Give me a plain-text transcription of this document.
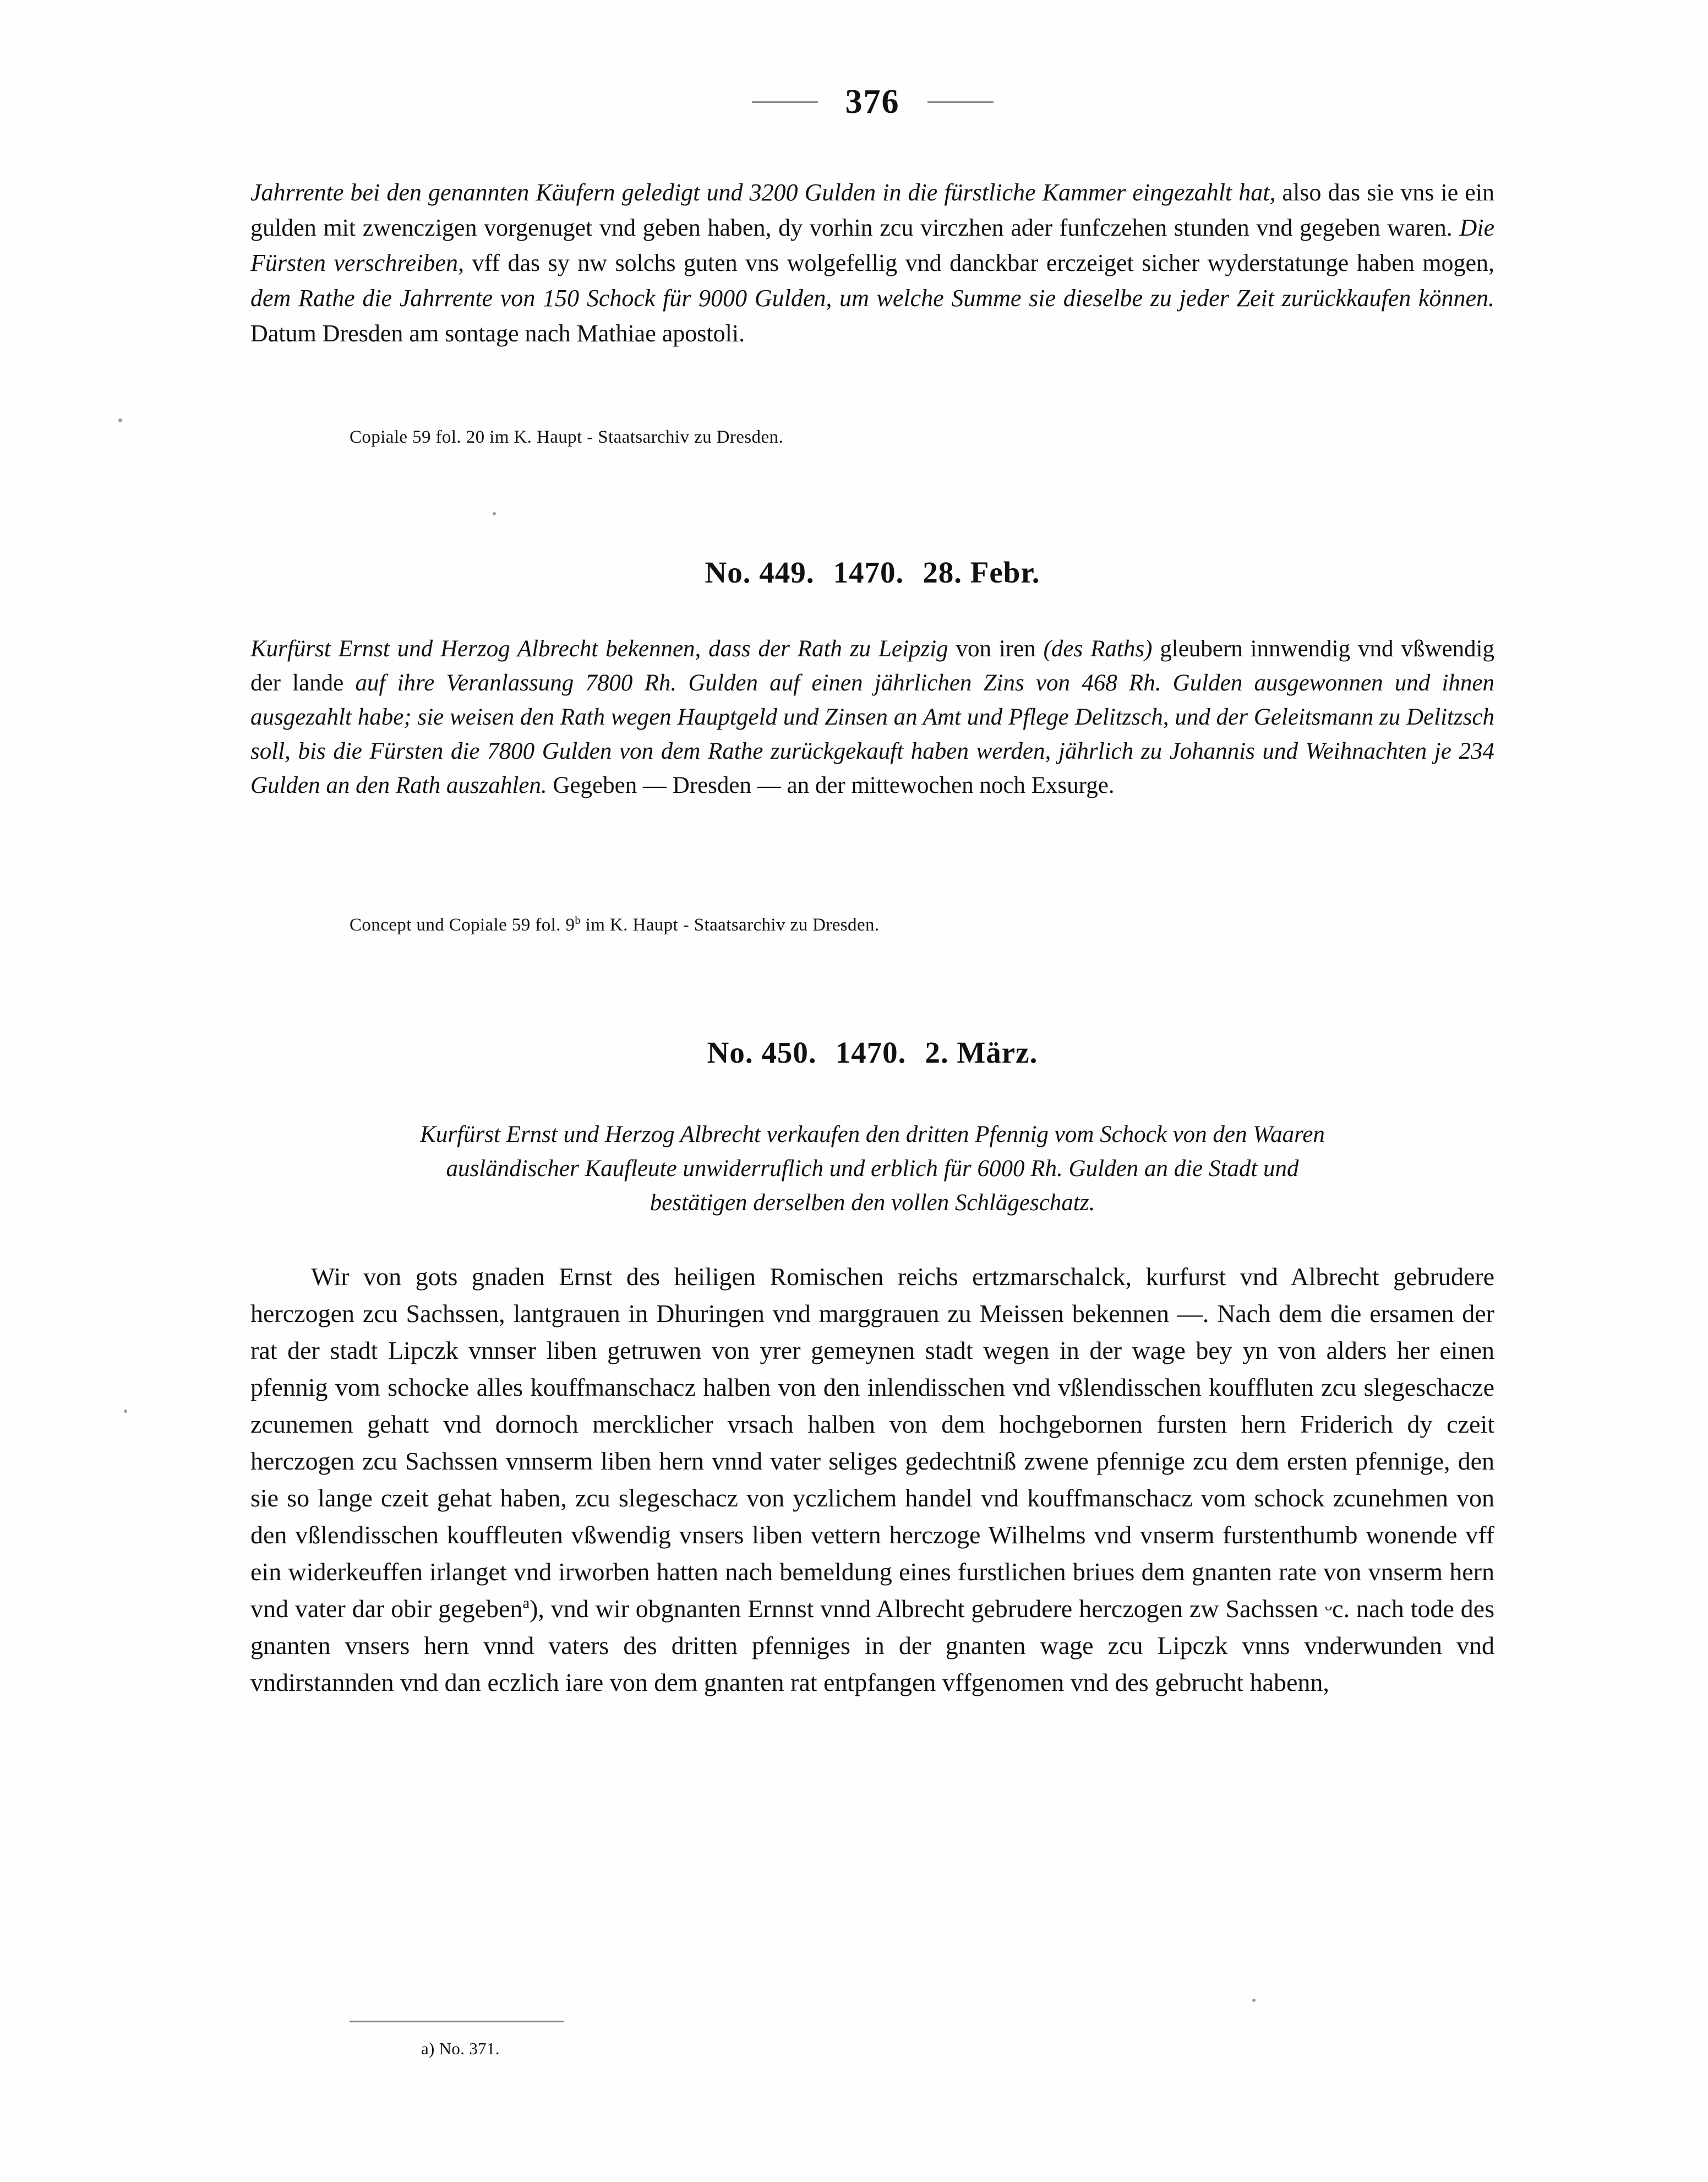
376
Jahrrente bei den genannten Käufern geledigt und 3200 Gulden in die fürstliche Kammer eingezahlt hat, also das sie vns ie ein gulden mit zwenczigen vorgenuget vnd geben haben, dy vorhin zcu virczhen ader funfczehen stunden vnd gegeben waren. Die Fürsten verschreiben, vff das sy nw solchs guten vns wolgefellig vnd danckbar erczeiget sicher wyderstatunge haben mogen, dem Rathe die Jahrrente von 150 Schock für 9000 Gulden, um welche Summe sie dieselbe zu jeder Zeit zurückkaufen können. Datum Dresden am sontage nach Mathiae apostoli.
Copiale 59 fol. 20 im K. Haupt - Staatsarchiv zu Dresden.
No. 449. 1470. 28. Febr.
Kurfürst Ernst und Herzog Albrecht bekennen, dass der Rath zu Leipzig von iren (des Raths) gleubern innwendig vnd vßwendig der lande auf ihre Veranlassung 7800 Rh. Gulden auf einen jährlichen Zins von 468 Rh. Gulden ausgewonnen und ihnen ausgezahlt habe; sie weisen den Rath wegen Hauptgeld und Zinsen an Amt und Pflege Delitzsch, und der Geleitsmann zu Delitzsch soll, bis die Fürsten die 7800 Gulden von dem Rathe zurückgekauft haben werden, jährlich zu Johannis und Weihnachten je 234 Gulden an den Rath auszahlen. Gegeben — Dresden — an der mittewochen noch Exsurge.
Concept und Copiale 59 fol. 9$^b$ im K. Haupt - Staatsarchiv zu Dresden.
No. 450. 1470. 2. März.
Kurfürst Ernst und Herzog Albrecht verkaufen den dritten Pfennig vom Schock von den Waaren
ausländischer Kaufleute unwiderruflich und erblich für 6000 Rh. Gulden an die Stadt und
bestätigen derselben den vollen Schlägeschatz.
Wir von gots gnaden Ernst des heiligen Romischen reichs ertzmarschalck, kurfurst vnd Albrecht gebrudere herczogen zcu Sachssen, lantgrauen in Dhuringen vnd marggrauen zu Meissen bekennen —. Nach dem die ersamen der rat der stadt Lipczk vnnser liben getruwen von yrer gemeynen stadt wegen in der wage bey yn von alders her einen pfennig vom schocke alles kouffmanschacz halben von den inlendisschen vnd vßlendisschen kouffluten zcu slegeschacze zcunemen gehatt vnd dornoch mercklicher vrsach halben von dem hochgebornen fursten hern Friderich dy czeit herczogen zcu Sachssen vnnserm liben hern vnnd vater seliges gedechtniß zwene pfennige zcu dem ersten pfennige, den sie so lange czeit gehat haben, zcu slegeschacz von yczlichem handel vnd kouffmanschacz vom schock zcunehmen von den vßlendisschen kouffleuten vßwendig vnsers liben vettern herczoge Wilhelms vnd vnserm furstenthumb wonende vff ein widerkeuffen irlanget vnd irworben hatten nach bemeldung eines furstlichen briues dem gnanten rate von vnserm hern vnd vater dar obir gegeben$^a$), vnd wir obgnanten Ernnst vnnd Albrecht gebrudere herczogen zw Sachssen ᵕc. nach tode des gnanten vnsers hern vnnd vaters des dritten pfenniges in der gnanten wage zcu Lipczk vnns vnderwunden vnd vndirstannden vnd dan eczlich iare von dem gnanten rat entpfangen vffgenomen vnd des gebrucht habenn,
a) No. 371.
